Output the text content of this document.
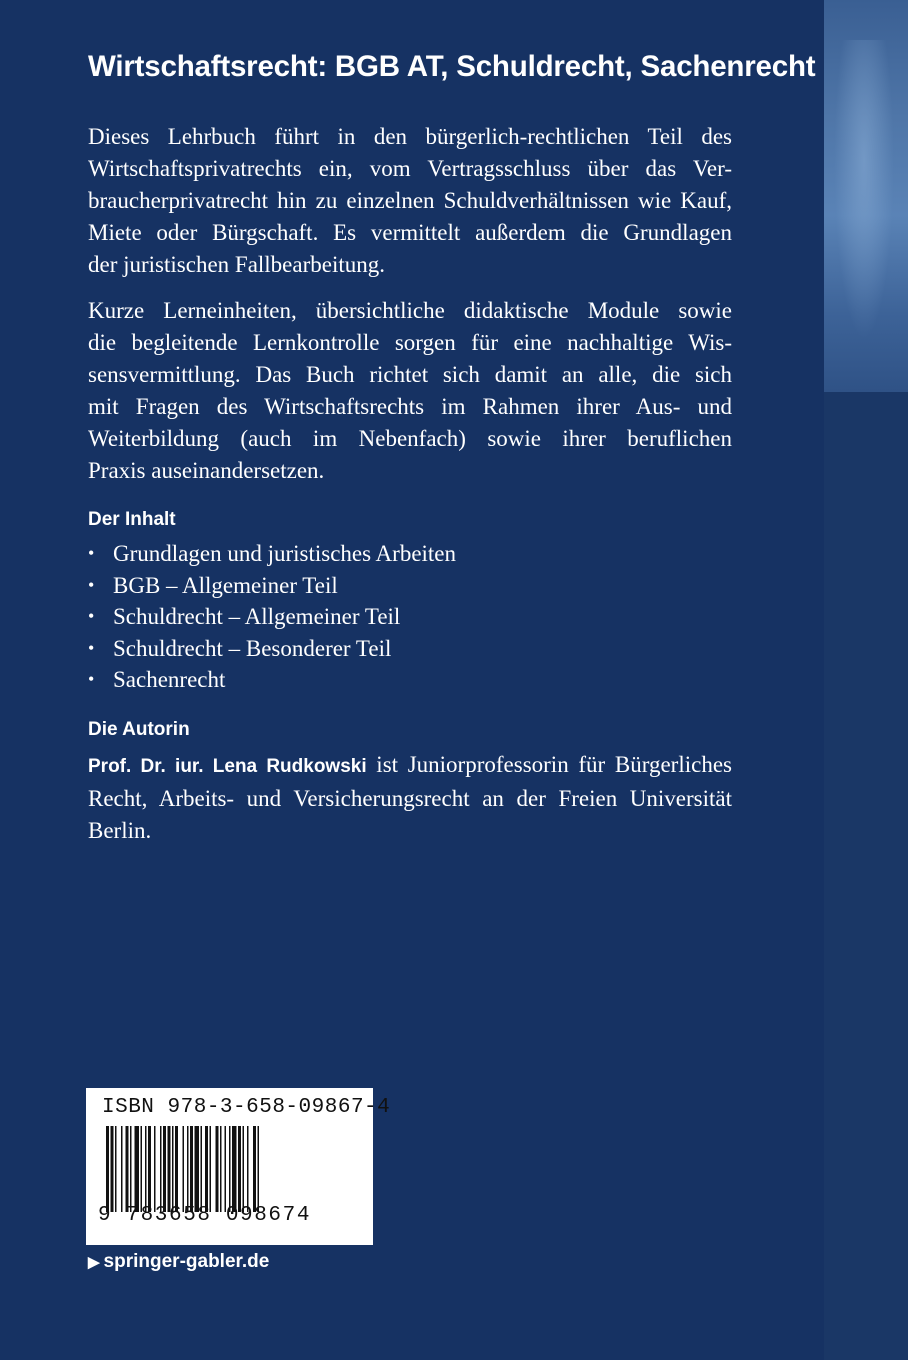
Wirtschaftsrecht: BGB AT, Schuldrecht, Sachenrecht

Dieses Lehrbuch führt in den bürgerlich-rechtlichen Teil des
Wirtschaftsprivatrechts ein, vom Vertragsschluss über das Ver-
braucherprivatrecht hin zu einzelnen Schuldverhältnissen wie Kauf,
Miete oder Bürgschaft. Es vermittelt außerdem die Grundlagen
der juristischen Fallbearbeitung.

Kurze Lerneinheiten, übersichtliche didaktische Module sowie
die begleitende Lernkontrolle sorgen für eine nachhaltige Wis-
sensvermittlung. Das Buch richtet sich damit an alle, die sich
mit Fragen des Wirtschaftsrechts im Rahmen ihrer Aus- und
Weiterbildung (auch im Nebenfach) sowie ihrer beruflichen
Praxis auseinandersetzen.

Der Inhalt
• Grundlagen und juristisches Arbeiten
• BGB – Allgemeiner Teil
• Schuldrecht – Allgemeiner Teil
• Schuldrecht – Besonderer Teil
• Sachenrecht
Die Autorin

Prof. Dr. iur. Lena Rudkowski ist Juniorprofessorin für Bürgerliches
Recht, Arbeits- und Versicherungsrecht an der Freien Universität
Berlin.

ISBN 978-3-658-09867-4
9 783658 098674
▶ springer-gabler.de
